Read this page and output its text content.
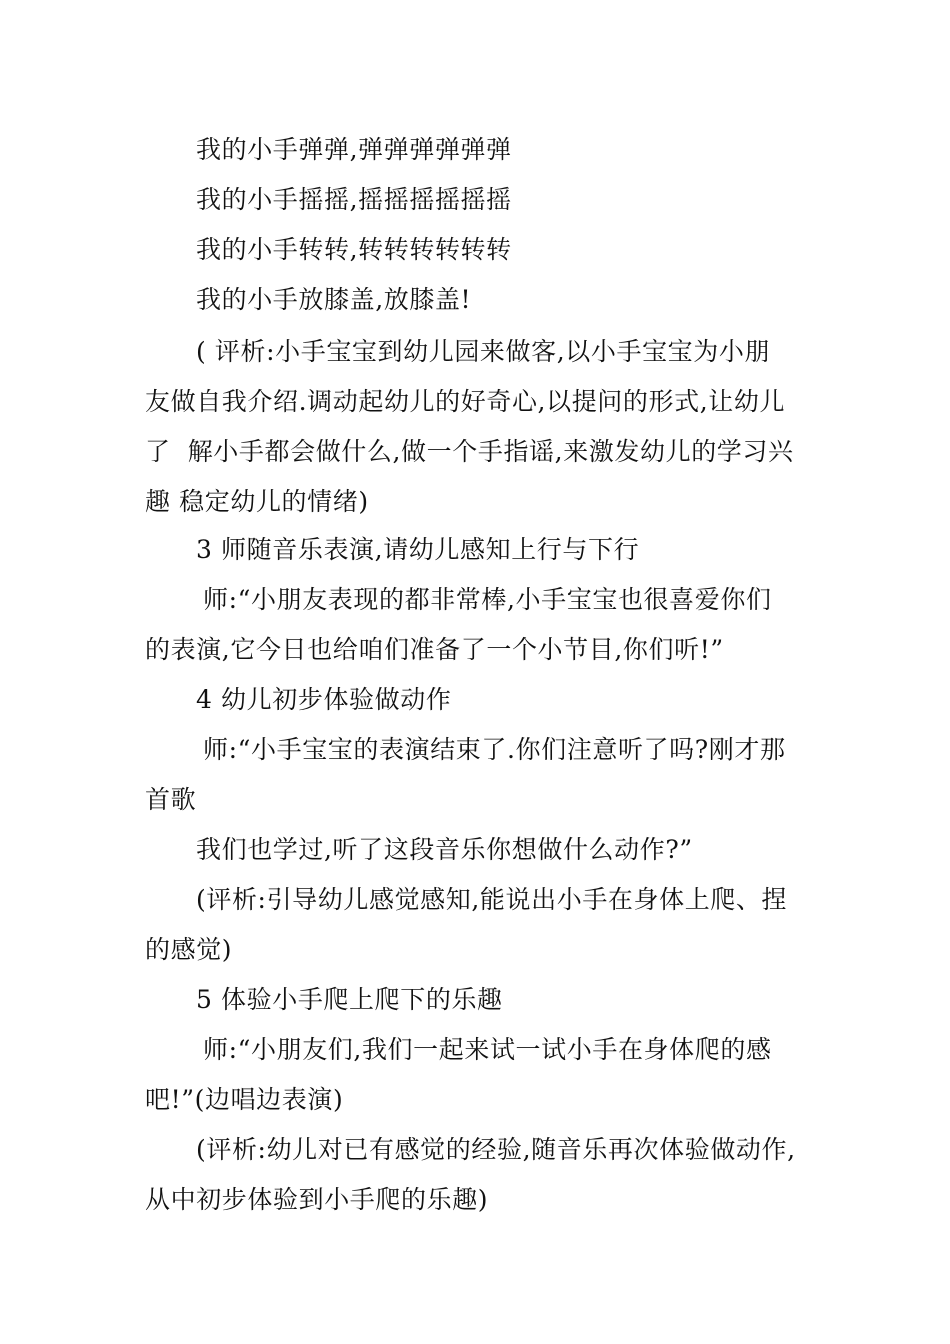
我的小手弹弹,弹弹弹弹弹弹
我的小手摇摇,摇摇摇摇摇摇
我的小手转转,转转转转转转
我的小手放膝盖,放膝盖!
( 评析:小手宝宝到幼儿园来做客,以小手宝宝为小朋
友做自我介绍.调动起幼儿的好奇心,以提问的形式,让幼儿
了  解小手都会做什么,做一个手指谣,来激发幼儿的学习兴
趣 稳定幼儿的情绪)
3 师随音乐表演,请幼儿感知上行与下行
师:“小朋友表现的都非常棒,小手宝宝也很喜爱你们
的表演,它今日也给咱们准备了一个小节目,你们听!”
4 幼儿初步体验做动作
师:“小手宝宝的表演结束了.你们注意听了吗?刚才那
首歌
我们也学过,听了这段音乐你想做什么动作?”
(评析:引导幼儿感觉感知,能说出小手在身体上爬、捏
的感觉)
5 体验小手爬上爬下的乐趣
师:“小朋友们,我们一起来试一试小手在身体爬的感
吧!”(边唱边表演)
(评析:幼儿对已有感觉的经验,随音乐再次体验做动作,
从中初步体验到小手爬的乐趣)
